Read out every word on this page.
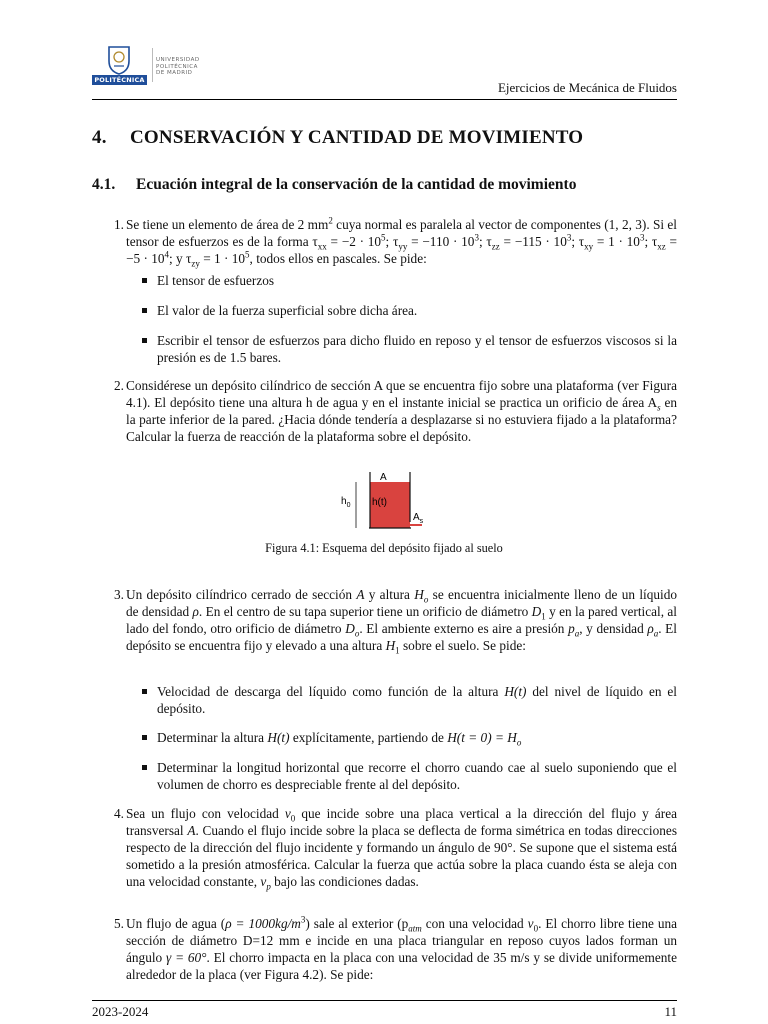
POLITÉCNICA
UNIVERSIDAD
POLITÉCNICA
DE MADRID
Ejercicios de Mecánica de Fluidos
4. CONSERVACIÓN Y CANTIDAD DE MOVIMIENTO
4.1. Ecuación integral de la conservación de la cantidad de movimiento
1. Se tiene un elemento de área de 2 $mm^2$ cuya normal es paralela al vector de componentes (1, 2, 3). Si el tensor de esfuerzos es de la forma $\tau_{xx} = -2 \cdot 10^5$; $\tau_{yy} = -110 \cdot 10^3$; $\tau_{zz} = -115 \cdot 10^3$; $\tau_{xy} = 1 \cdot 10^3$; $\tau_{xz} = -5 \cdot 10^4$; y $\tau_{zy} = 1 \cdot 10^5$, todos ellos en pascales. Se pide:
El tensor de esfuerzos
El valor de la fuerza superficial sobre dicha área.
Escribir el tensor de esfuerzos para dicho fluido en reposo y el tensor de esfuerzos viscosos si la presión es de 1.5 bares.
2. Considérese un depósito cilíndrico de sección A que se encuentra fijo sobre una plataforma (ver Figura 4.1). El depósito tiene una altura h de agua y en el instante inicial se practica un orificio de área $A_s$ en la parte inferior de la pared. ¿Hacia dónde tendería a desplazarse si no estuviera fijado a la plataforma? Calcular la fuerza de reacción de la plataforma sobre el depósito.
3. Un depósito cilíndrico cerrado de sección A y altura $H_o$ se encuentra inicialmente lleno de un líquido de densidad ρ. En el centro de su tapa superior tiene un orificio de diámetro $D_1$ y en la pared vertical, al lado del fondo, otro orificio de diámetro $D_o$. El ambiente externo es aire a presión $p_a$, y densidad $\rho_a$. El depósito se encuentra fijo y elevado a una altura $H_1$ sobre el suelo. Se pide:
Velocidad de descarga del líquido como función de la altura H(t) del nivel de líquido en el depósito.
Determinar la altura H(t) explícitamente, partiendo de $H(t = 0) = H_o$
Determinar la longitud horizontal que recorre el chorro cuando cae al suelo suponiendo que el volumen de chorro es despreciable frente al del depósito.
4. Sea un flujo con velocidad $v_0$ que incide sobre una placa vertical a la dirección del flujo y área transversal A. Cuando el flujo incide sobre la placa se deflecta de forma simétrica en todas direcciones respecto de la dirección del flujo incidente y formando un ángulo de 90°. Se supone que el sistema está sometido a la presión atmosférica. Calcular la fuerza que actúa sobre la placa cuando ésta se aleja con una velocidad constante, $v_p$ bajo las condiciones dadas.
5. Un flujo de agua $(\rho = 1000kg/m^3)$ sale al exterior ($p_{atm}$ con una velocidad $v_0$. El chorro libre tiene una sección de diámetro D=12 mm e incide en una placa triangular en reposo cuyos lados forman un ángulo γ = 60°. El chorro impacta en la placa con una velocidad de 35 m/s y se divide uniformemente alrededor de la placa (ver Figura 4.2). Se pide:
A
$h_0$ h(t)
$A_s$
Figura 4.1: Esquema del depósito fijado al suelo
2023-2024	11
